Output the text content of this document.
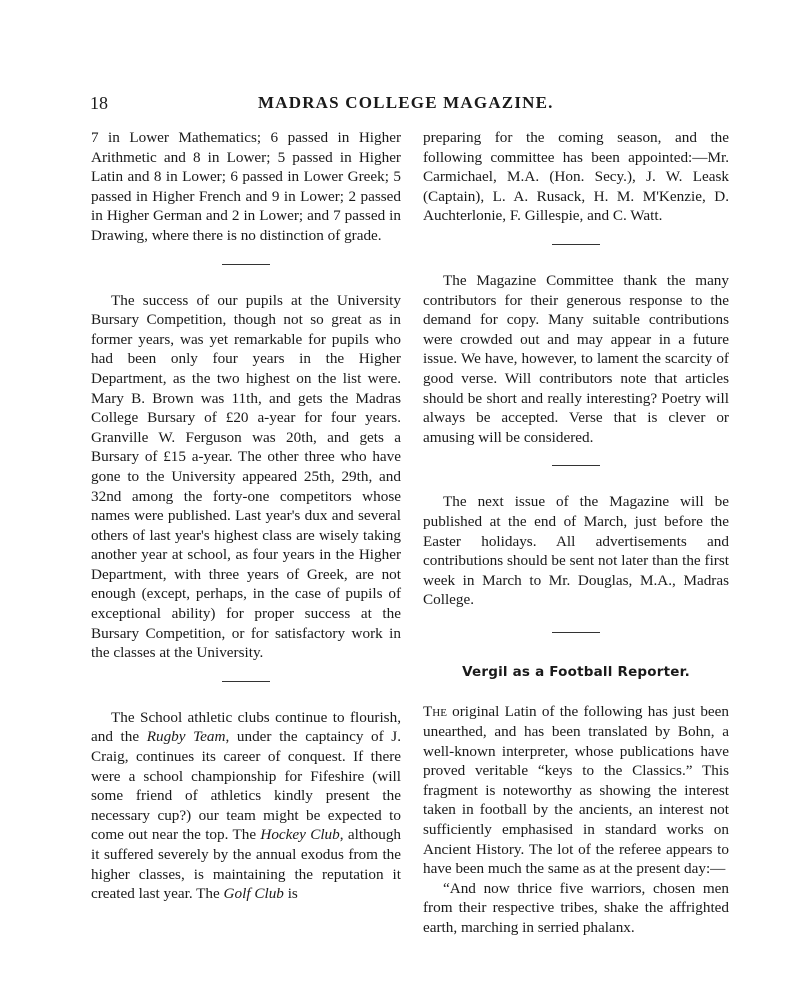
18	MADRAS COLLEGE MAGAZINE.

7 in Lower Mathematics; 6 passed in Higher Arithmetic and 8 in Lower; 5 passed in Higher Latin and 8 in Lower; 6 passed in Lower Greek; 5 passed in Higher French and 9 in Lower; 2 passed in Higher German and 2 in Lower; and 7 passed in Drawing, where there is no distinction of grade.

The success of our pupils at the University Bursary Competition, though not so great as in former years, was yet remarkable for pupils who had been only four years in the Higher Department, as the two highest on the list were. Mary B. Brown was 11th, and gets the Madras College Bursary of £20 a-year for four years. Granville W. Ferguson was 20th, and gets a Bursary of £15 a-year. The other three who have gone to the University appeared 25th, 29th, and 32nd among the forty-one competitors whose names were published. Last year's dux and several others of last year's highest class are wisely taking another year at school, as four years in the Higher Department, with three years of Greek, are not enough (except, perhaps, in the case of pupils of exceptional ability) for proper success at the Bursary Competition, or for satisfactory work in the classes at the University.

The School athletic clubs continue to flourish, and the Rugby Team, under the captaincy of J. Craig, continues its career of conquest. If there were a school championship for Fifeshire (will some friend of athletics kindly present the necessary cup?) our team might be expected to come out near the top. The Hockey Club, although it suffered severely by the annual exodus from the higher classes, is maintaining the reputation it created last year. The Golf Club is

preparing for the coming season, and the following committee has been appointed:—Mr. Carmichael, M.A. (Hon. Secy.), J. W. Leask (Captain), L. A. Rusack, H. M. M'Kenzie, D. Auchterlonie, F. Gillespie, and C. Watt.

The Magazine Committee thank the many contributors for their generous response to the demand for copy. Many suitable contributions were crowded out and may appear in a future issue. We have, however, to lament the scarcity of good verse. Will contributors note that articles should be short and really interesting? Poetry will always be accepted. Verse that is clever or amusing will be considered.

The next issue of the Magazine will be published at the end of March, just before the Easter holidays. All advertisements and contributions should be sent not later than the first week in March to Mr. Douglas, M.A., Madras College.

Vergil as a Football Reporter.

The original Latin of the following has just been unearthed, and has been translated by Bohn, a well-known interpreter, whose publications have proved veritable “keys to the Classics.” This fragment is noteworthy as showing the interest taken in football by the ancients, an interest not sufficiently emphasised in standard works on Ancient History. The lot of the referee appears to have been much the same as at the present day:—

“And now thrice five warriors, chosen men from their respective tribes, shake the affrighted earth, marching in serried phalanx.
